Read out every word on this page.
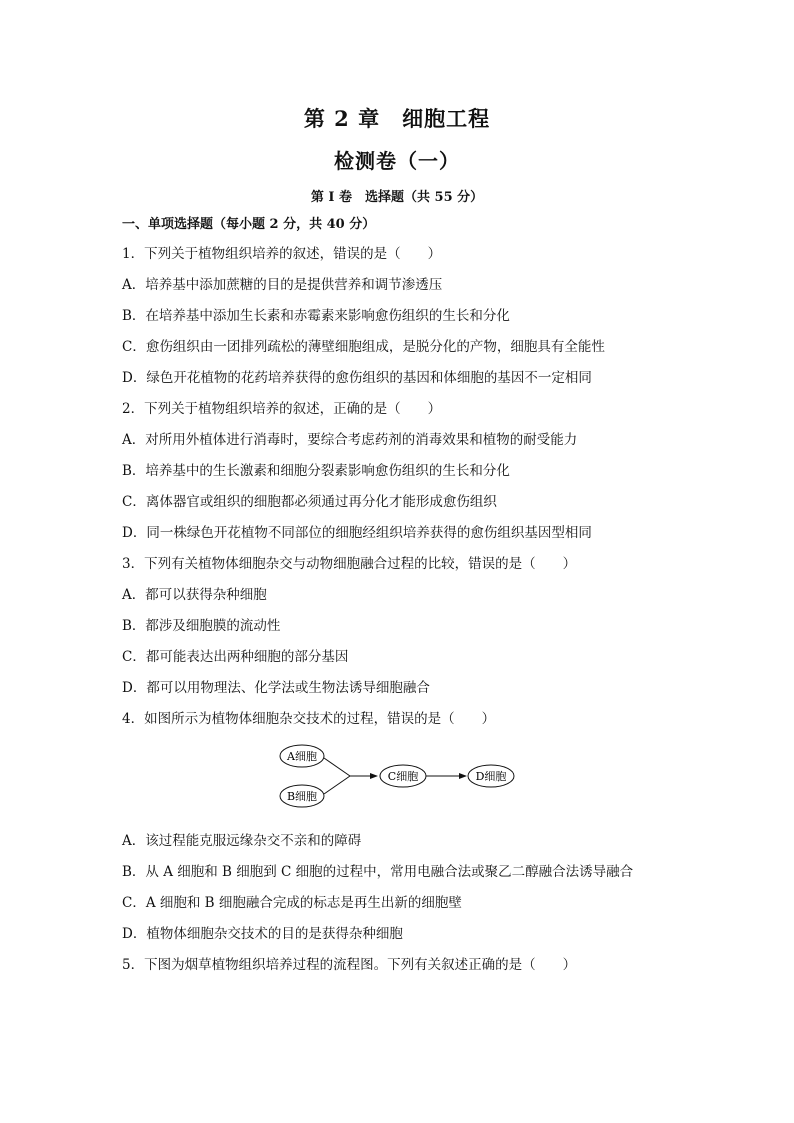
第 2 章　细胞工程
检测卷（一）
第 I 卷　选择题（共 55 分）
一、单项选择题（每小题 2 分，共 40 分）
1．下列关于植物组织培养的叙述，错误的是（　　）
A．培养基中添加蔗糖的目的是提供营养和调节渗透压
B．在培养基中添加生长素和赤霉素来影响愈伤组织的生长和分化
C．愈伤组织由一团排列疏松的薄壁细胞组成，是脱分化的产物，细胞具有全能性
D．绿色开花植物的花药培养获得的愈伤组织的基因和体细胞的基因不一定相同
2．下列关于植物组织培养的叙述，正确的是（　　）
A．对所用外植体进行消毒时，要综合考虑药剂的消毒效果和植物的耐受能力
B．培养基中的生长激素和细胞分裂素影响愈伤组织的生长和分化
C．离体器官或组织的细胞都必须通过再分化才能形成愈伤组织
D．同一株绿色开花植物不同部位的细胞经组织培养获得的愈伤组织基因型相同
3．下列有关植物体细胞杂交与动物细胞融合过程的比较，错误的是（　　）
A．都可以获得杂种细胞
B．都涉及细胞膜的流动性
C．都可能表达出两种细胞的部分基因
D．都可以用物理法、化学法或生物法诱导细胞融合
4．如图所示为植物体细胞杂交技术的过程，错误的是（　　）
A细胞
B细胞
C细胞	D细胞
A．该过程能克服远缘杂交不亲和的障碍
B．从 A 细胞和 B 细胞到 C 细胞的过程中，常用电融合法或聚乙二醇融合法诱导融合
C．A 细胞和 B 细胞融合完成的标志是再生出新的细胞壁
D．植物体细胞杂交技术的目的是获得杂种细胞
5．下图为烟草植物组织培养过程的流程图。下列有关叙述正确的是（　　）
